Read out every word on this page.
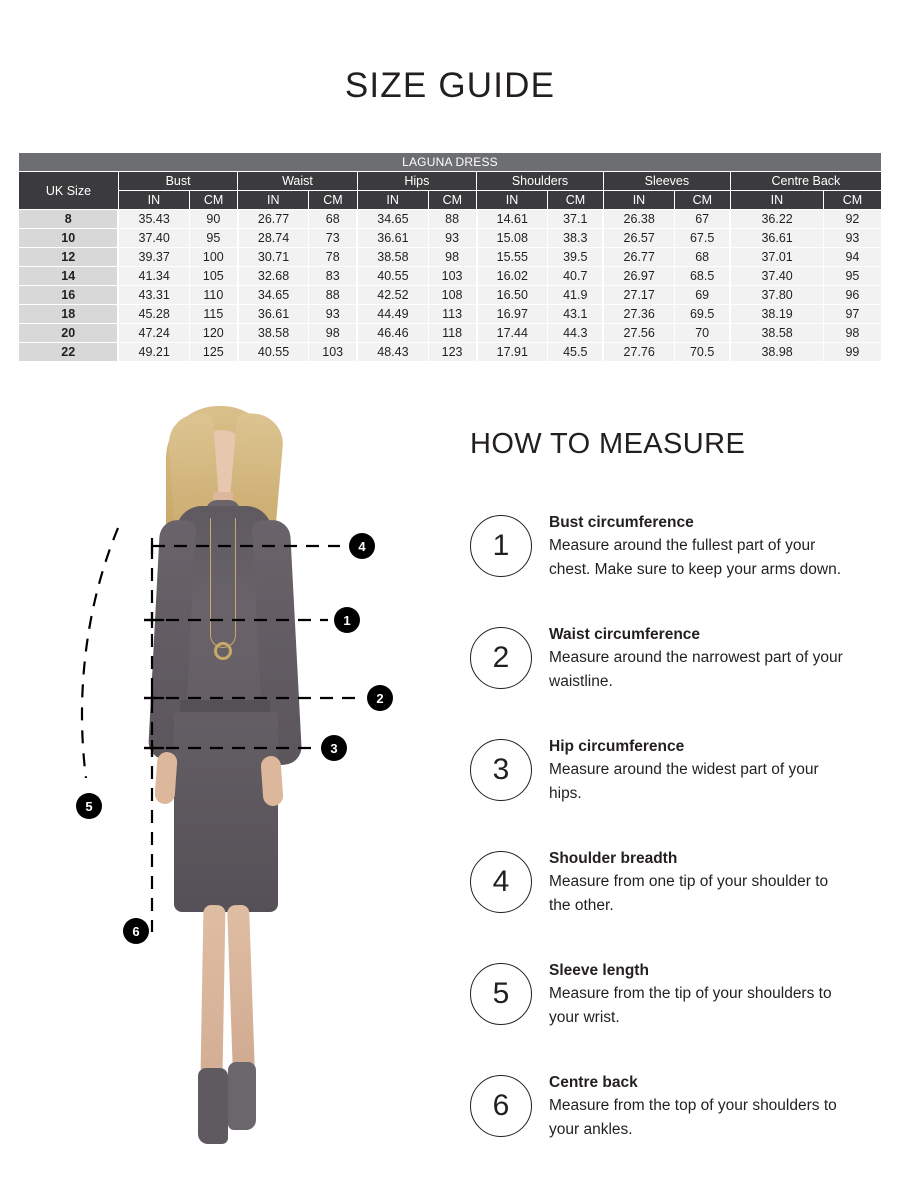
SIZE GUIDE
LAGUNA DRESS												
UK Size	Bust		Waist		Hips		Shoulders		Sleeves		Centre Back	
	IN	CM	IN	CM	IN	CM	IN	CM	IN	CM	IN	CM
8	35.43	90	26.77	68	34.65	88	14.61	37.1	26.38	67	36.22	92
10	37.40	95	28.74	73	36.61	93	15.08	38.3	26.57	67.5	36.61	93
12	39.37	100	30.71	78	38.58	98	15.55	39.5	26.77	68	37.01	94
14	41.34	105	32.68	83	40.55	103	16.02	40.7	26.97	68.5	37.40	95
16	43.31	110	34.65	88	42.52	108	16.50	41.9	27.17	69	37.80	96
18	45.28	115	36.61	93	44.49	113	16.97	43.1	27.36	69.5	38.19	97
20	47.24	120	38.58	98	46.46	118	17.44	44.3	27.56	70	38.58	98
22	49.21	125	40.55	103	48.43	123	17.91	45.5	27.76	70.5	38.98	99
4
1
2
3
5
6
HOW TO MEASURE
1

Bust circumference

Measure around the fullest part of your chest. Make sure to keep your arms down.

2

Waist circumference

Measure around the narrowest part of your waistline.

3

Hip circumference

Measure around the widest part of your hips.

4

Shoulder breadth

Measure from one tip of your shoulder to the other.

5

Sleeve length

Measure from the tip of your shoulders to your wrist.

6

Centre back

Measure from the top of your shoulders to your ankles.
